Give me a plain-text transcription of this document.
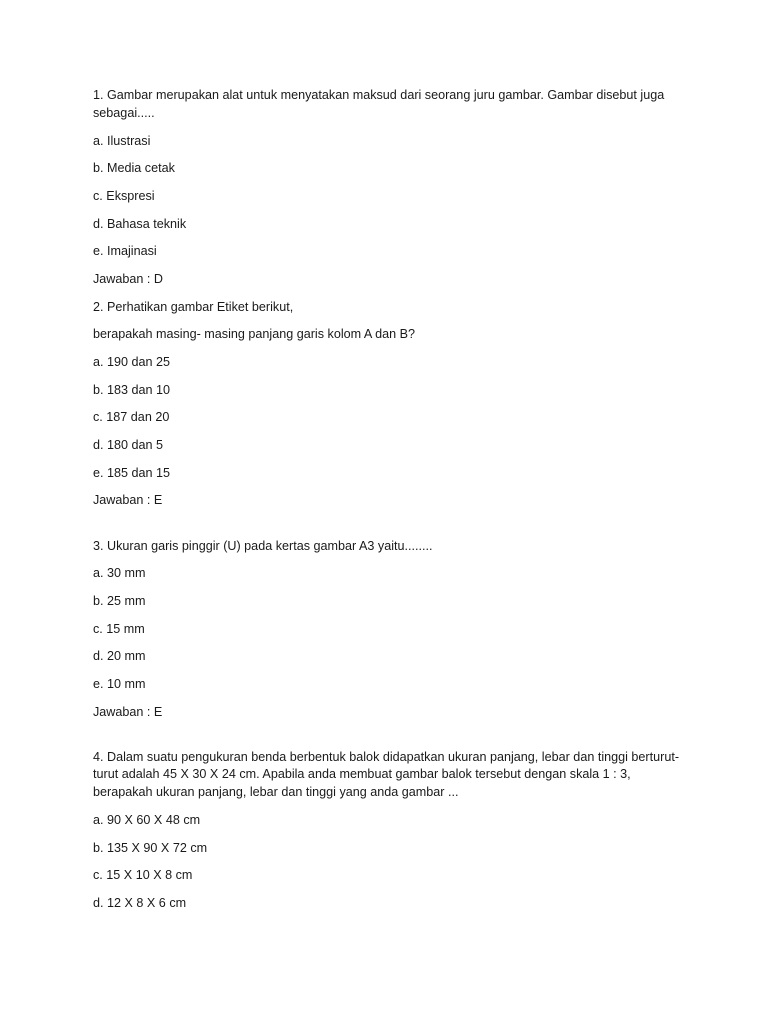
1. Gambar merupakan alat untuk menyatakan maksud dari seorang juru gambar. Gambar disebut juga sebagai.....
a. Ilustrasi
b. Media cetak
c. Ekspresi
d. Bahasa teknik
e. Imajinasi
Jawaban : D
2. Perhatikan gambar Etiket berikut,
berapakah masing- masing panjang garis kolom A dan B?
a. 190 dan 25
b. 183 dan 10
c. 187 dan 20
d. 180 dan 5
e. 185 dan 15
Jawaban : E
3. Ukuran garis pinggir (U) pada kertas gambar A3 yaitu........
a. 30 mm
b. 25 mm
c. 15 mm
d. 20 mm
e. 10 mm
Jawaban : E
4. Dalam suatu pengukuran benda berbentuk balok didapatkan ukuran panjang, lebar dan tinggi berturut- turut adalah 45 X 30 X 24 cm. Apabila anda membuat gambar balok tersebut dengan skala 1 : 3, berapakah ukuran panjang, lebar dan tinggi yang anda gambar ...
a. 90 X 60 X 48 cm
b. 135 X 90 X 72 cm
c. 15 X 10 X 8 cm
d. 12 X 8 X 6 cm
